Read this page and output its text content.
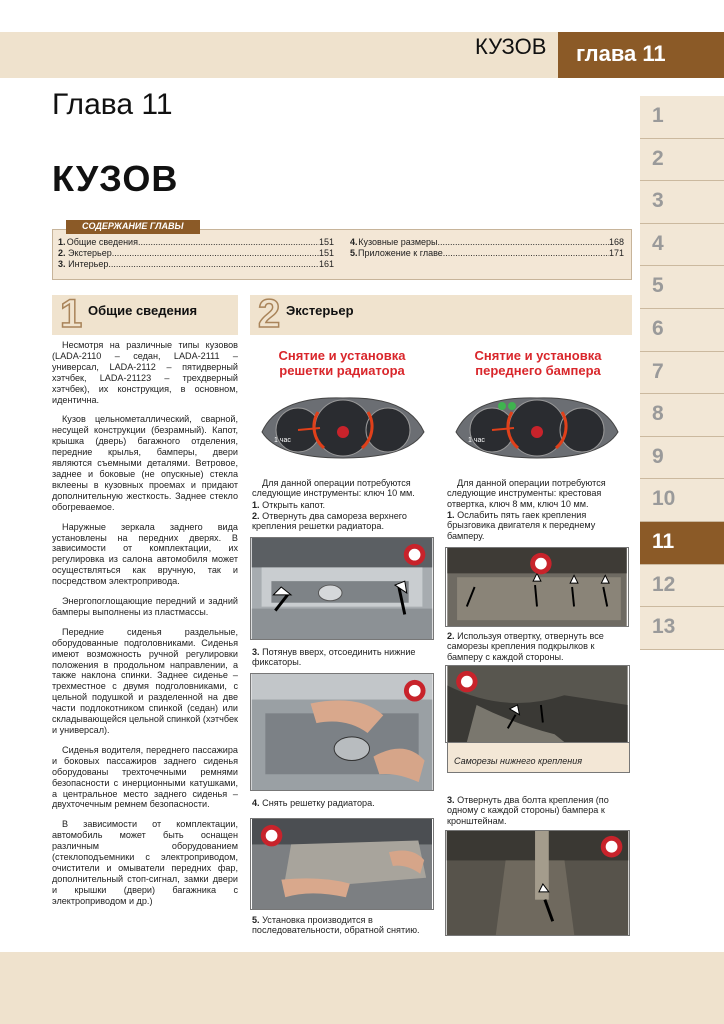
КУЗОВ	глава 11
Глава 11
КУЗОВ
1
2
3
4
5
6
7
8
9
10
11
12
13
СОДЕРЖАНИЕ ГЛАВЫ
1. Общие сведения .....	151
2. Экстерьер .....	151
3. Интерьер .....	161
4. Кузовные размеры .....	168
5. Приложение к главе .....	171
1 Общие сведения 2 Экстерьер

Несмотря на различные типы кузовов (LADA-2110 – седан, LADA-2111 –универсал, LADA-2112 – пятидверный хэтчбек, LADA-21123 – трехдверный хэтчбек), их конструкция, в основном, идентична.

Кузов цельнометаллический, сварной, несущей конструкции (безрамный). Капот, крышка (дверь) багажного отделения, передние крылья, бамперы, двери являются съемными деталями. Ветровое, заднее и боковые (не опускные) стекла вклеены в кузовных проемах и придают дополнительную жесткость. Заднее стекло обогреваемое.

Наружные зеркала заднего вида установлены на передних дверях. В зависимости от комплектации, их регулировка из салона автомобиля может осуществляться как вручную, так и посредством электропривода.

Энергопоглощающие передний и задний бамперы выполнены из пластмассы.

Передние сиденья раздельные, оборудованные подголовниками. Сиденья имеют возможность ручной регулировки положения в продольном направлении, а также наклона спинки. Заднее сиденье – трехместное с двумя подголовниками, с цельной подушкой и разделенной на две части подлокотником спинкой (седан) или складывающейся цельной спинкой (хэтчбек и универсал).

Сиденья водителя, переднего пассажира и боковых пассажиров заднего сиденья оборудованы трехточечными ремнями безопасности с инерционными катушками, а центральное место заднего сиденья – двухточечным ремнем безопасности.

В зависимости от комплектации, автомобиль может быть оснащен различным оборудованием (стеклоподъемники с электроприводом, очистители и омыватели передних фар, дополнительный стоп-сигнал, замки двери и крышки (двери) багажника с электроприводом и др.)

Снятие и установка решетки радиатора
1 час
Для данной операции потребуются следующие инструменты: ключ 10 мм.
1. Открыть капот.
2. Отвернуть два самореза верхнего крепления решетки радиатора.
3. Потянув вверх, отсоединить нижние фиксаторы.
4. Снять решетку радиатора.
5. Установка производится в последовательности, обратной снятию.
Снятие и установка переднего бампера
1 час
Для данной операции потребуются следующие инструменты: крестовая отвертка, ключ 8 мм, ключ 10 мм.
1. Ослабить пять гаек крепления брызговика двигателя к переднему бамперу.
2. Используя отвертку, отвернуть все саморезы крепления подкрылков к бамперу с каждой стороны.
Саморезы нижнего крепления
3. Отвернуть два болта крепления (по одному с каждой стороны) бампера к кронштейнам.
